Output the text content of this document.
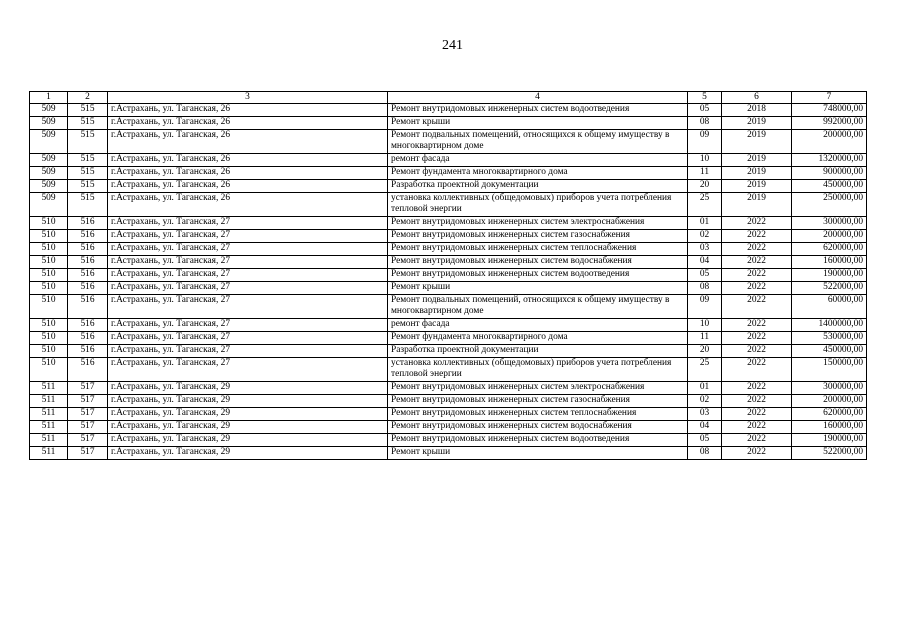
241
1	2	3	4	5	6	7
509	515	г.Астрахань, ул. Таганская, 26	Ремонт внутридомовых инженерных систем водоотведения	05	2018	748000,00
509	515	г.Астрахань, ул. Таганская, 26	Ремонт крыши	08	2019	992000,00
509	515	г.Астрахань, ул. Таганская, 26	Ремонт подвальных помещений, относящихся к общему имуществу в многоквартирном доме	09	2019	200000,00
509	515	г.Астрахань, ул. Таганская, 26	ремонт фасада	10	2019	1320000,00
509	515	г.Астрахань, ул. Таганская, 26	Ремонт фундамента многоквартирного дома	11	2019	900000,00
509	515	г.Астрахань, ул. Таганская, 26	Разработка проектной документации	20	2019	450000,00
509	515	г.Астрахань, ул. Таганская, 26	установка коллективных (общедомовых) приборов учета потребления тепловой энергии	25	2019	250000,00
510	516	г.Астрахань, ул. Таганская, 27	Ремонт внутридомовых инженерных систем электроснабжения	01	2022	300000,00
510	516	г.Астрахань, ул. Таганская, 27	Ремонт внутридомовых инженерных систем газоснабжения	02	2022	200000,00
510	516	г.Астрахань, ул. Таганская, 27	Ремонт внутридомовых инженерных систем теплоснабжения	03	2022	620000,00
510	516	г.Астрахань, ул. Таганская, 27	Ремонт внутридомовых инженерных систем водоснабжения	04	2022	160000,00
510	516	г.Астрахань, ул. Таганская, 27	Ремонт внутридомовых инженерных систем водоотведения	05	2022	190000,00
510	516	г.Астрахань, ул. Таганская, 27	Ремонт крыши	08	2022	522000,00
510	516	г.Астрахань, ул. Таганская, 27	Ремонт подвальных помещений, относящихся к общему имуществу в многоквартирном доме	09	2022	60000,00
510	516	г.Астрахань, ул. Таганская, 27	ремонт фасада	10	2022	1400000,00
510	516	г.Астрахань, ул. Таганская, 27	Ремонт фундамента многоквартирного дома	11	2022	530000,00
510	516	г.Астрахань, ул. Таганская, 27	Разработка проектной документации	20	2022	450000,00
510	516	г.Астрахань, ул. Таганская, 27	установка коллективных (общедомовых) приборов учета потребления тепловой энергии	25	2022	150000,00
511	517	г.Астрахань, ул. Таганская, 29	Ремонт внутридомовых инженерных систем электроснабжения	01	2022	300000,00
511	517	г.Астрахань, ул. Таганская, 29	Ремонт внутридомовых инженерных систем газоснабжения	02	2022	200000,00
511	517	г.Астрахань, ул. Таганская, 29	Ремонт внутридомовых инженерных систем теплоснабжения	03	2022	620000,00
511	517	г.Астрахань, ул. Таганская, 29	Ремонт внутридомовых инженерных систем водоснабжения	04	2022	160000,00
511	517	г.Астрахань, ул. Таганская, 29	Ремонт внутридомовых инженерных систем водоотведения	05	2022	190000,00
511	517	г.Астрахань, ул. Таганская, 29	Ремонт крыши	08	2022	522000,00
